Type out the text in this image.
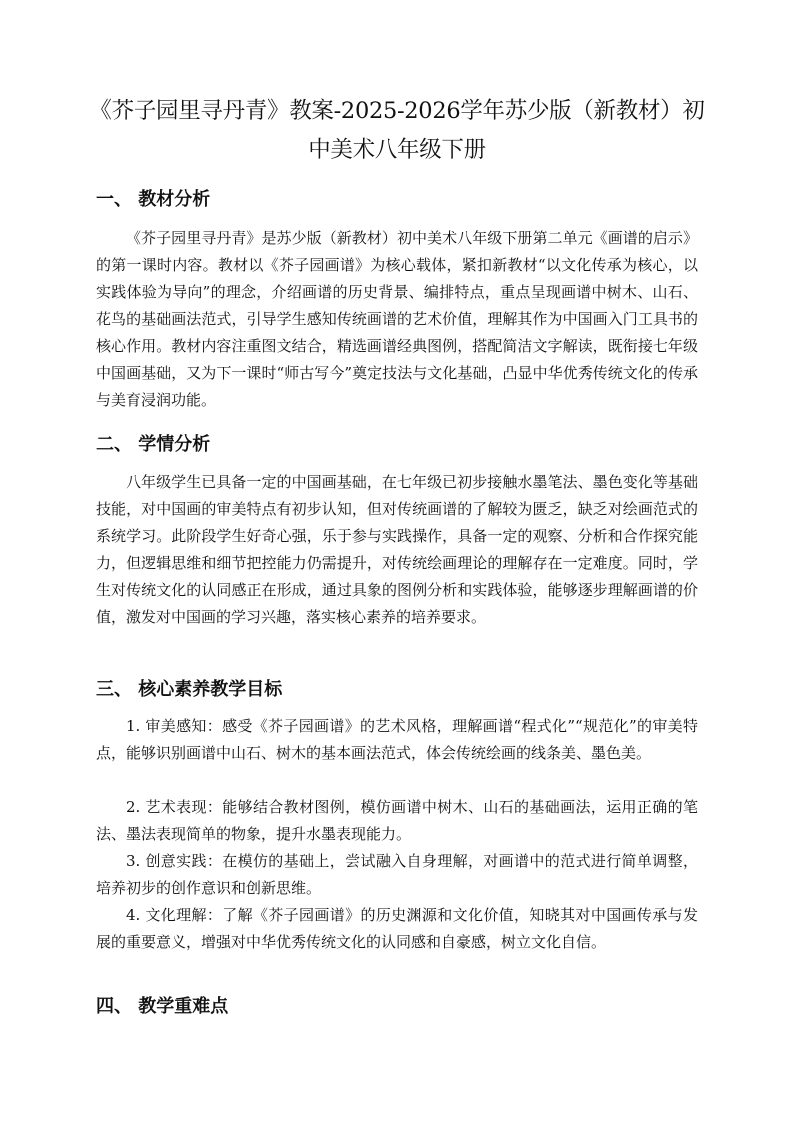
《芥子园里寻丹青》教案-2025-2026学年苏少版（新教材）初中美术八年级下册
一、 教材分析

《芥子园里寻丹青》是苏少版（新教材）初中美术八年级下册第二单元《画谱的启示》的第一课时内容。教材以《芥子园画谱》为核心载体，紧扣新教材“以文化传承为核心，以实践体验为导向”的理念，介绍画谱的历史背景、编排特点，重点呈现画谱中树木、山石、花鸟的基础画法范式，引导学生感知传统画谱的艺术价值，理解其作为中国画入门工具书的核心作用。教材内容注重图文结合，精选画谱经典图例，搭配简洁文字解读，既衔接七年级中国画基础，又为下一课时“师古写今”奠定技法与文化基础，凸显中华优秀传统文化的传承与美育浸润功能。

二、 学情分析

八年级学生已具备一定的中国画基础，在七年级已初步接触水墨笔法、墨色变化等基础技能，对中国画的审美特点有初步认知，但对传统画谱的了解较为匮乏，缺乏对绘画范式的系统学习。此阶段学生好奇心强，乐于参与实践操作，具备一定的观察、分析和合作探究能力，但逻辑思维和细节把控能力仍需提升，对传统绘画理论的理解存在一定难度。同时，学生对传统文化的认同感正在形成，通过具象的图例分析和实践体验，能够逐步理解画谱的价值，激发对中国画的学习兴趣，落实核心素养的培养要求。

三、 核心素养教学目标

1. 审美感知：感受《芥子园画谱》的艺术风格，理解画谱“程式化”“规范化”的审美特点，能够识别画谱中山石、树木的基本画法范式，体会传统绘画的线条美、墨色美。

2. 艺术表现：能够结合教材图例，模仿画谱中树木、山石的基础画法，运用正确的笔法、墨法表现简单的物象，提升水墨表现能力。

3. 创意实践：在模仿的基础上，尝试融入自身理解，对画谱中的范式进行简单调整，培养初步的创作意识和创新思维。

4. 文化理解：了解《芥子园画谱》的历史渊源和文化价值，知晓其对中国画传承与发展的重要意义，增强对中华优秀传统文化的认同感和自豪感，树立文化自信。

四、 教学重难点
